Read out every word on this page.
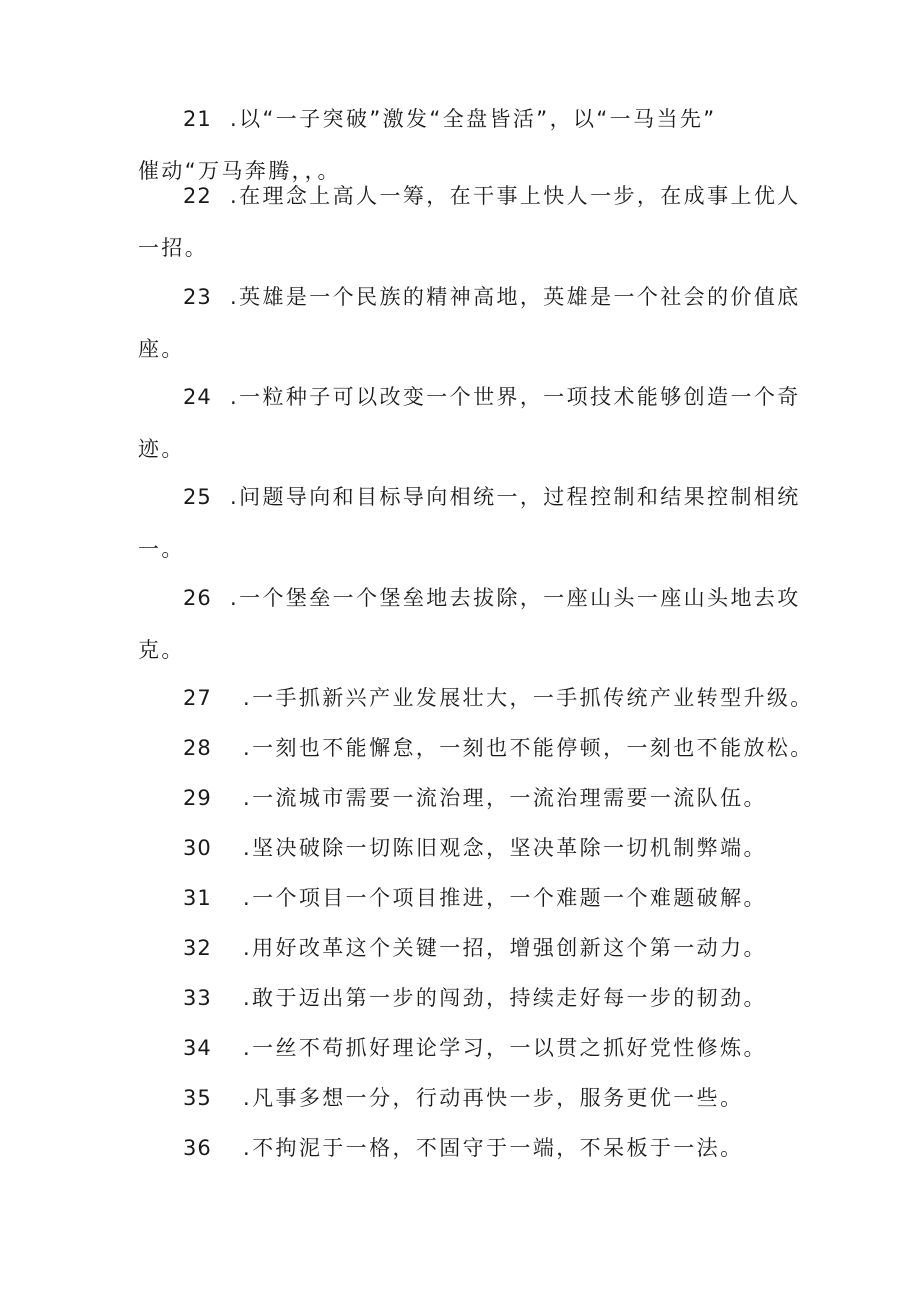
21 .以“一子突破”激发“全盘皆活”，以“一马当先”
催动“万马奔腾，，。
22 .在理念上高人一筹，在干事上快人一步，在成事上优人
一招。
23 .英雄是一个民族的精神高地，英雄是一个社会的价值底
座。
24 .一粒种子可以改变一个世界，一项技术能够创造一个奇
迹。
25 .问题导向和目标导向相统一，过程控制和结果控制相统
一。
26 .一个堡垒一个堡垒地去拔除，一座山头一座山头地去攻
克。
27	.一手抓新兴产业发展壮大，一手抓传统产业转型升级。
28	.一刻也不能懈怠，一刻也不能停顿，一刻也不能放松。
29	.一流城市需要一流治理，一流治理需要一流队伍。
30	.坚决破除一切陈旧观念，坚决革除一切机制弊端。
31	.一个项目一个项目推进，一个难题一个难题破解。
32	.用好改革这个关键一招，增强创新这个第一动力。
33	.敢于迈出第一步的闯劲，持续走好每一步的韧劲。
34	.一丝不苟抓好理论学习，一以贯之抓好党性修炼。
35	.凡事多想一分，行动再快一步，服务更优一些。
36	.不拘泥于一格，不固守于一端，不呆板于一法。
